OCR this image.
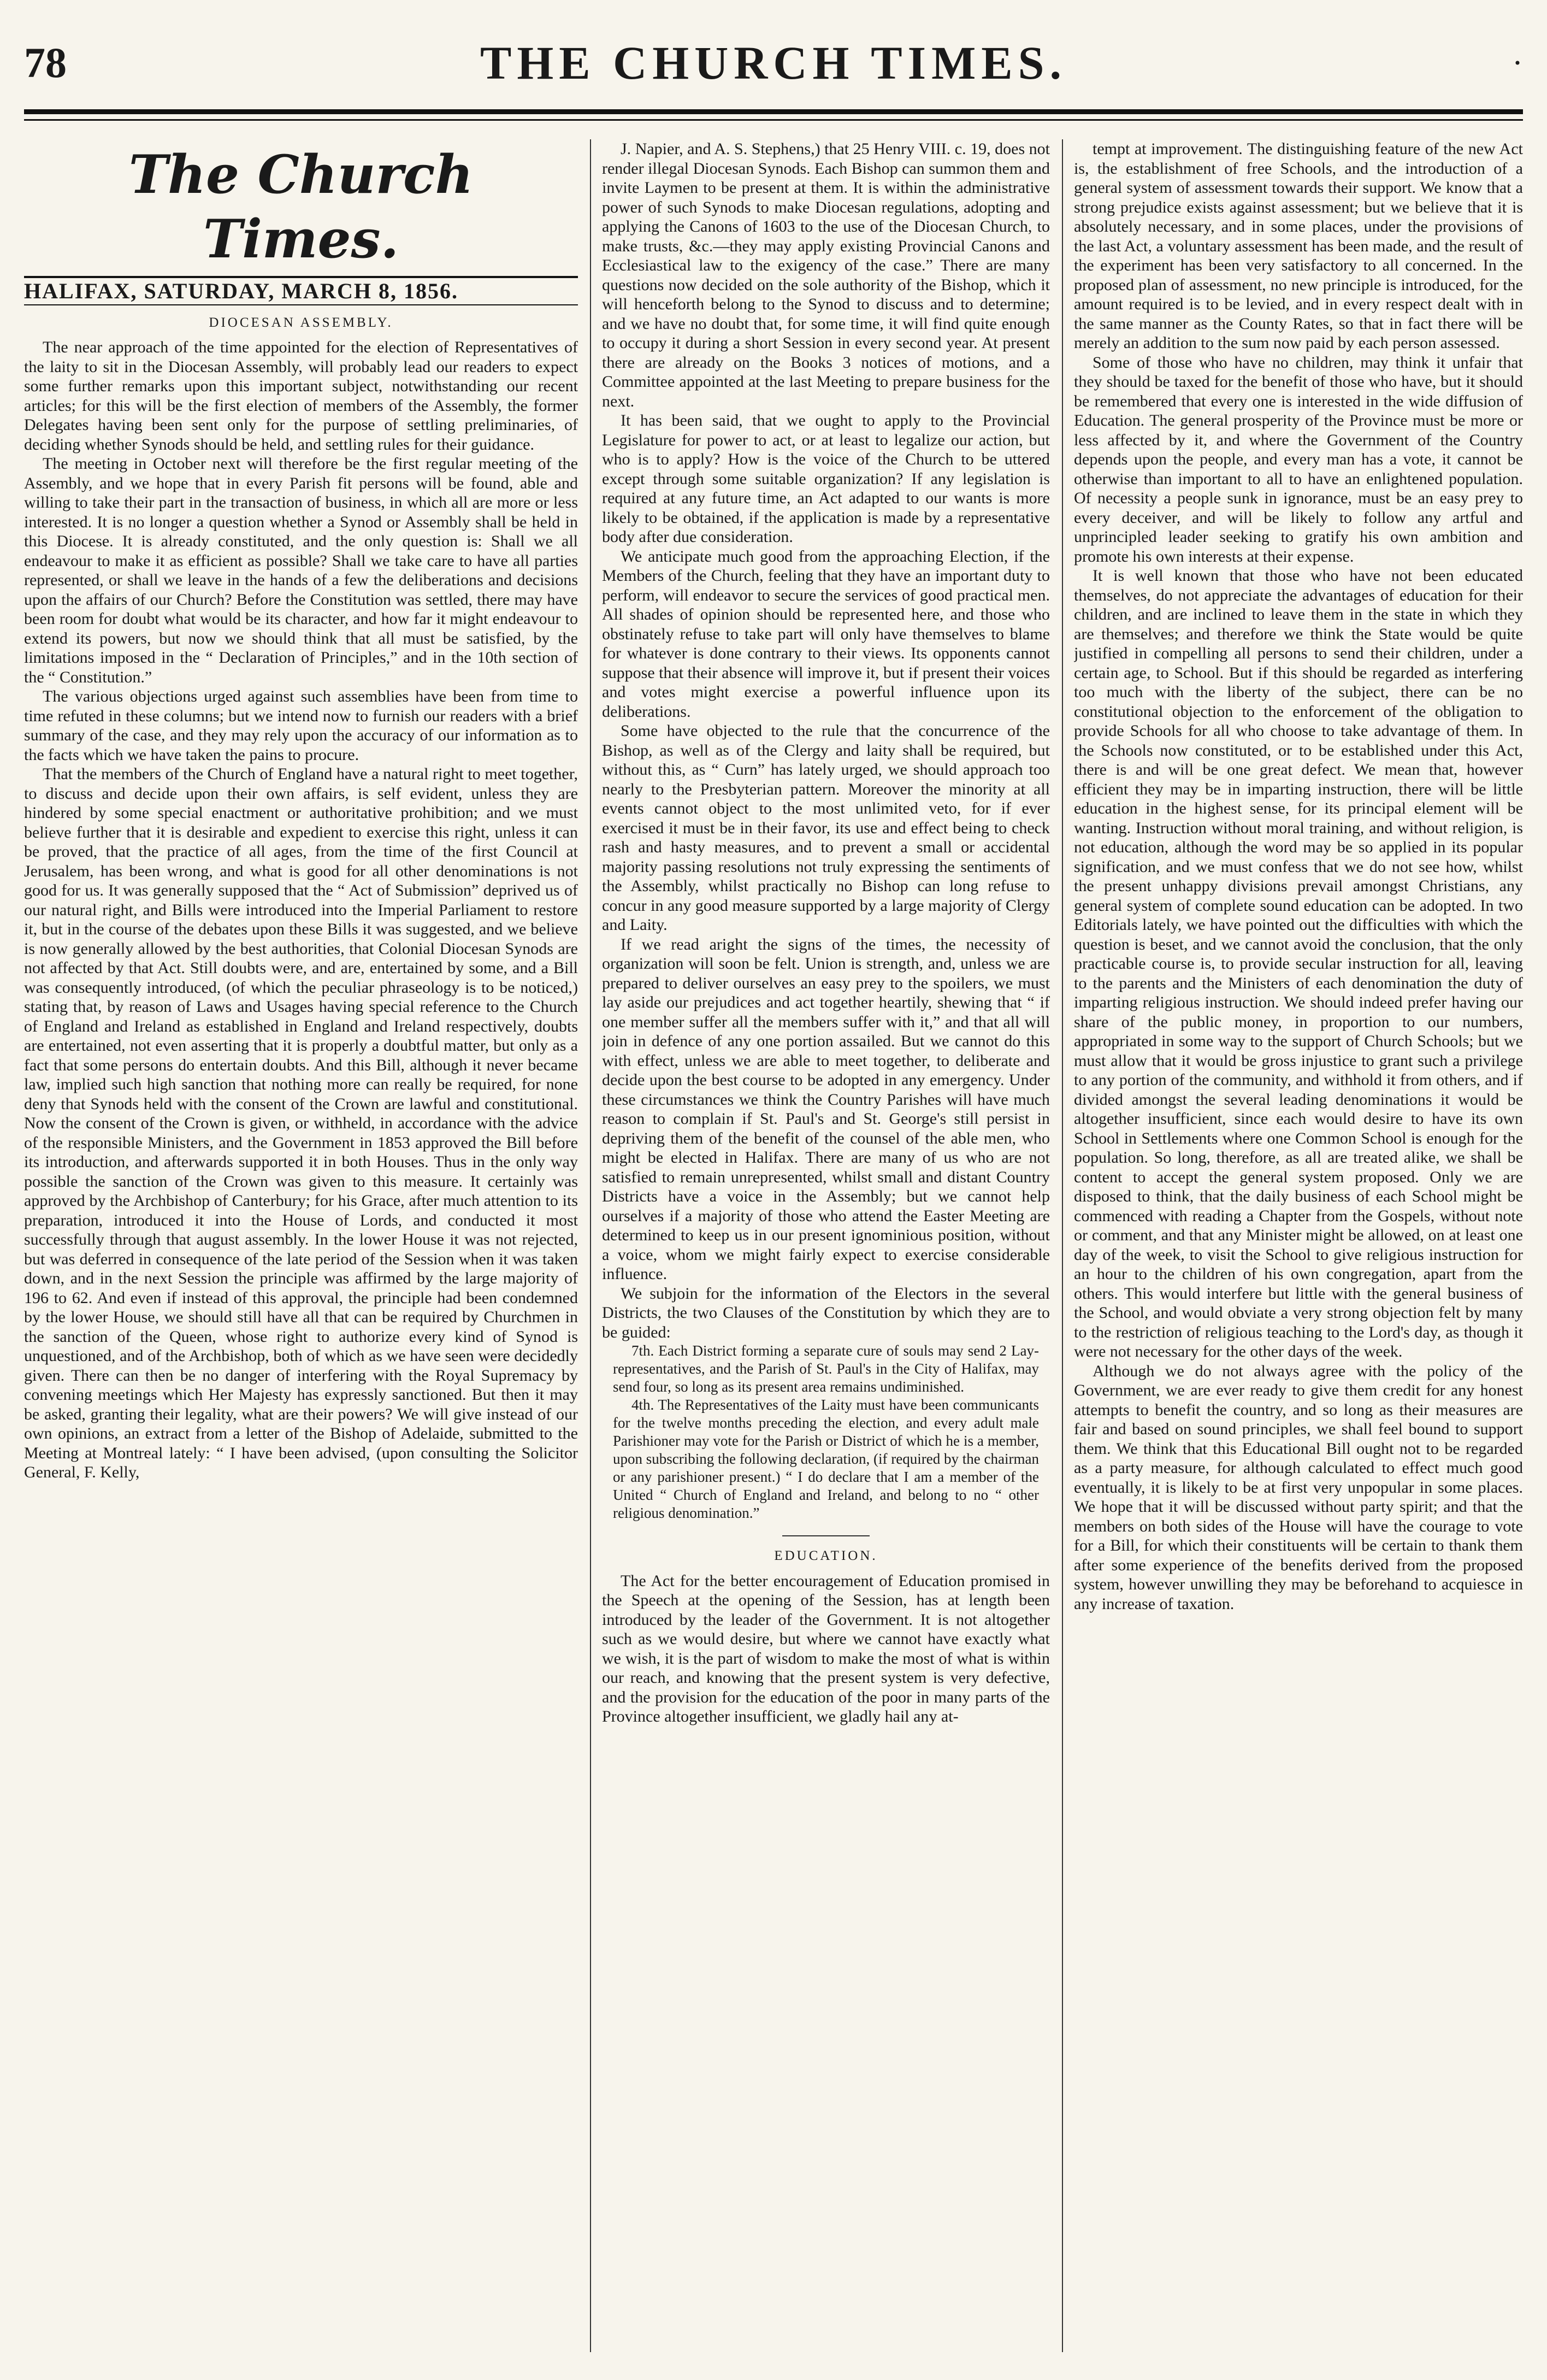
78	THE CHURCH TIMES.	·
The Church Times.

HALIFAX, SATURDAY, MARCH 8, 1856.

DIOCESAN ASSEMBLY.

The near approach of the time appointed for the election of Representatives of the laity to sit in the Diocesan Assembly, will probably lead our readers to expect some further remarks upon this important subject, notwithstanding our recent articles; for this will be the first election of members of the Assembly, the former Delegates having been sent only for the purpose of settling preliminaries, of deciding whether Synods should be held, and settling rules for their guidance.

The meeting in October next will therefore be the first regular meeting of the Assembly, and we hope that in every Parish fit persons will be found, able and willing to take their part in the transaction of business, in which all are more or less interested. It is no longer a question whether a Synod or Assembly shall be held in this Diocese. It is already constituted, and the only question is: Shall we all endeavour to make it as efficient as possible? Shall we take care to have all parties represented, or shall we leave in the hands of a few the deliberations and decisions upon the affairs of our Church? Before the Constitution was settled, there may have been room for doubt what would be its character, and how far it might endeavour to extend its powers, but now we should think that all must be satisfied, by the limitations imposed in the “ Declaration of Principles,” and in the 10th section of the “ Constitution.”

The various objections urged against such assemblies have been from time to time refuted in these columns; but we intend now to furnish our readers with a brief summary of the case, and they may rely upon the accuracy of our information as to the facts which we have taken the pains to procure.

That the members of the Church of England have a natural right to meet together, to discuss and decide upon their own affairs, is self evident, unless they are hindered by some special enactment or authoritative prohibition; and we must believe further that it is desirable and expedient to exercise this right, unless it can be proved, that the practice of all ages, from the time of the first Council at Jerusalem, has been wrong, and what is good for all other denominations is not good for us. It was generally supposed that the “ Act of Submission” deprived us of our natural right, and Bills were introduced into the Imperial Parliament to restore it, but in the course of the debates upon these Bills it was suggested, and we believe is now generally allowed by the best authorities, that Colonial Diocesan Synods are not affected by that Act. Still doubts were, and are, entertained by some, and a Bill was consequently introduced, (of which the peculiar phraseology is to be noticed,) stating that, by reason of Laws and Usages having special reference to the Church of England and Ireland as established in England and Ireland respectively, doubts are entertained, not even asserting that it is properly a doubtful matter, but only as a fact that some persons do entertain doubts. And this Bill, although it never became law, implied such high sanction that nothing more can really be required, for none deny that Synods held with the consent of the Crown are lawful and constitutional. Now the consent of the Crown is given, or withheld, in accordance with the advice of the responsible Ministers, and the Government in 1853 approved the Bill before its introduction, and afterwards supported it in both Houses. Thus in the only way possible the sanction of the Crown was given to this measure. It certainly was approved by the Archbishop of Canterbury; for his Grace, after much attention to its preparation, introduced it into the House of Lords, and conducted it most successfully through that august assembly. In the lower House it was not rejected, but was deferred in consequence of the late period of the Session when it was taken down, and in the next Session the principle was affirmed by the large majority of 196 to 62. And even if instead of this approval, the principle had been condemned by the lower House, we should still have all that can be required by Churchmen in the sanction of the Queen, whose right to authorize every kind of Synod is unquestioned, and of the Archbishop, both of which as we have seen were decidedly given. There can then be no danger of interfering with the Royal Supremacy by convening meetings which Her Majesty has expressly sanctioned. But then it may be asked, granting their legality, what are their powers? We will give instead of our own opinions, an extract from a letter of the Bishop of Adelaide, submitted to the Meeting at Montreal lately: “ I have been advised, (upon consulting the Solicitor General, F. Kelly,

J. Napier, and A. S. Stephens,) that 25 Henry VIII. c. 19, does not render illegal Diocesan Synods. Each Bishop can summon them and invite Laymen to be present at them. It is within the administrative power of such Synods to make Diocesan regulations, adopting and applying the Canons of 1603 to the use of the Diocesan Church, to make trusts, &c.—they may apply existing Provincial Canons and Ecclesiastical law to the exigency of the case.” There are many questions now decided on the sole authority of the Bishop, which it will henceforth belong to the Synod to discuss and to determine; and we have no doubt that, for some time, it will find quite enough to occupy it during a short Session in every second year. At present there are already on the Books 3 notices of motions, and a Committee appointed at the last Meeting to prepare business for the next.

It has been said, that we ought to apply to the Provincial Legislature for power to act, or at least to legalize our action, but who is to apply? How is the voice of the Church to be uttered except through some suitable organization? If any legislation is required at any future time, an Act adapted to our wants is more likely to be obtained, if the application is made by a representative body after due consideration.

We anticipate much good from the approaching Election, if the Members of the Church, feeling that they have an important duty to perform, will endeavor to secure the services of good practical men. All shades of opinion should be represented here, and those who obstinately refuse to take part will only have themselves to blame for whatever is done contrary to their views. Its opponents cannot suppose that their absence will improve it, but if present their voices and votes might exercise a powerful influence upon its deliberations.

Some have objected to the rule that the concurrence of the Bishop, as well as of the Clergy and laity shall be required, but without this, as “ Curn” has lately urged, we should approach too nearly to the Presbyterian pattern. Moreover the minority at all events cannot object to the most unlimited veto, for if ever exercised it must be in their favor, its use and effect being to check rash and hasty measures, and to prevent a small or accidental majority passing resolutions not truly expressing the sentiments of the Assembly, whilst practically no Bishop can long refuse to concur in any good measure supported by a large majority of Clergy and Laity.

If we read aright the signs of the times, the necessity of organization will soon be felt. Union is strength, and, unless we are prepared to deliver ourselves an easy prey to the spoilers, we must lay aside our prejudices and act together heartily, shewing that “ if one member suffer all the members suffer with it,” and that all will join in defence of any one portion assailed. But we cannot do this with effect, unless we are able to meet together, to deliberate and decide upon the best course to be adopted in any emergency. Under these circumstances we think the Country Parishes will have much reason to complain if St. Paul's and St. George's still persist in depriving them of the benefit of the counsel of the able men, who might be elected in Halifax. There are many of us who are not satisfied to remain unrepresented, whilst small and distant Country Districts have a voice in the Assembly; but we cannot help ourselves if a majority of those who attend the Easter Meeting are determined to keep us in our present ignominious position, without a voice, whom we might fairly expect to exercise considerable influence.

We subjoin for the information of the Electors in the several Districts, the two Clauses of the Constitution by which they are to be guided:

7th. Each District forming a separate cure of souls may send 2 Lay-representatives, and the Parish of St. Paul's in the City of Halifax, may send four, so long as its present area remains undiminished.

4th. The Representatives of the Laity must have been communicants for the twelve months preceding the election, and every adult male Parishioner may vote for the Parish or District of which he is a member, upon subscribing the following declaration, (if required by the chairman or any parishioner present.) “ I do declare that I am a member of the United “ Church of England and Ireland, and belong to no “ other religious denomination.”

EDUCATION.

The Act for the better encouragement of Education promised in the Speech at the opening of the Session, has at length been introduced by the leader of the Government. It is not altogether such as we would desire, but where we cannot have exactly what we wish, it is the part of wisdom to make the most of what is within our reach, and knowing that the present system is very defective, and the provision for the education of the poor in many parts of the Province altogether insufficient, we gladly hail any at-

tempt at improvement. The distinguishing feature of the new Act is, the establishment of free Schools, and the introduction of a general system of assessment towards their support. We know that a strong prejudice exists against assessment; but we believe that it is absolutely necessary, and in some places, under the provisions of the last Act, a voluntary assessment has been made, and the result of the experiment has been very satisfactory to all concerned. In the proposed plan of assessment, no new principle is introduced, for the amount required is to be levied, and in every respect dealt with in the same manner as the County Rates, so that in fact there will be merely an addition to the sum now paid by each person assessed.

Some of those who have no children, may think it unfair that they should be taxed for the benefit of those who have, but it should be remembered that every one is interested in the wide diffusion of Education. The general prosperity of the Province must be more or less affected by it, and where the Government of the Country depends upon the people, and every man has a vote, it cannot be otherwise than important to all to have an enlightened population. Of necessity a people sunk in ignorance, must be an easy prey to every deceiver, and will be likely to follow any artful and unprincipled leader seeking to gratify his own ambition and promote his own interests at their expense.

It is well known that those who have not been educated themselves, do not appreciate the advantages of education for their children, and are inclined to leave them in the state in which they are themselves; and therefore we think the State would be quite justified in compelling all persons to send their children, under a certain age, to School. But if this should be regarded as interfering too much with the liberty of the subject, there can be no constitutional objection to the enforcement of the obligation to provide Schools for all who choose to take advantage of them. In the Schools now constituted, or to be established under this Act, there is and will be one great defect. We mean that, however efficient they may be in imparting instruction, there will be little education in the highest sense, for its principal element will be wanting. Instruction without moral training, and without religion, is not education, although the word may be so applied in its popular signification, and we must confess that we do not see how, whilst the present unhappy divisions prevail amongst Christians, any general system of complete sound education can be adopted. In two Editorials lately, we have pointed out the difficulties with which the question is beset, and we cannot avoid the conclusion, that the only practicable course is, to provide secular instruction for all, leaving to the parents and the Ministers of each denomination the duty of imparting religious instruction. We should indeed prefer having our share of the public money, in proportion to our numbers, appropriated in some way to the support of Church Schools; but we must allow that it would be gross injustice to grant such a privilege to any portion of the community, and withhold it from others, and if divided amongst the several leading denominations it would be altogether insufficient, since each would desire to have its own School in Settlements where one Common School is enough for the population. So long, therefore, as all are treated alike, we shall be content to accept the general system proposed. Only we are disposed to think, that the daily business of each School might be commenced with reading a Chapter from the Gospels, without note or comment, and that any Minister might be allowed, on at least one day of the week, to visit the School to give religious instruction for an hour to the children of his own congregation, apart from the others. This would interfere but little with the general business of the School, and would obviate a very strong objection felt by many to the restriction of religious teaching to the Lord's day, as though it were not necessary for the other days of the week.

Although we do not always agree with the policy of the Government, we are ever ready to give them credit for any honest attempts to benefit the country, and so long as their measures are fair and based on sound principles, we shall feel bound to support them. We think that this Educational Bill ought not to be regarded as a party measure, for although calculated to effect much good eventually, it is likely to be at first very unpopular in some places. We hope that it will be discussed without party spirit; and that the members on both sides of the House will have the courage to vote for a Bill, for which their constituents will be certain to thank them after some experience of the benefits derived from the proposed system, however unwilling they may be beforehand to acquiesce in any increase of taxation.
